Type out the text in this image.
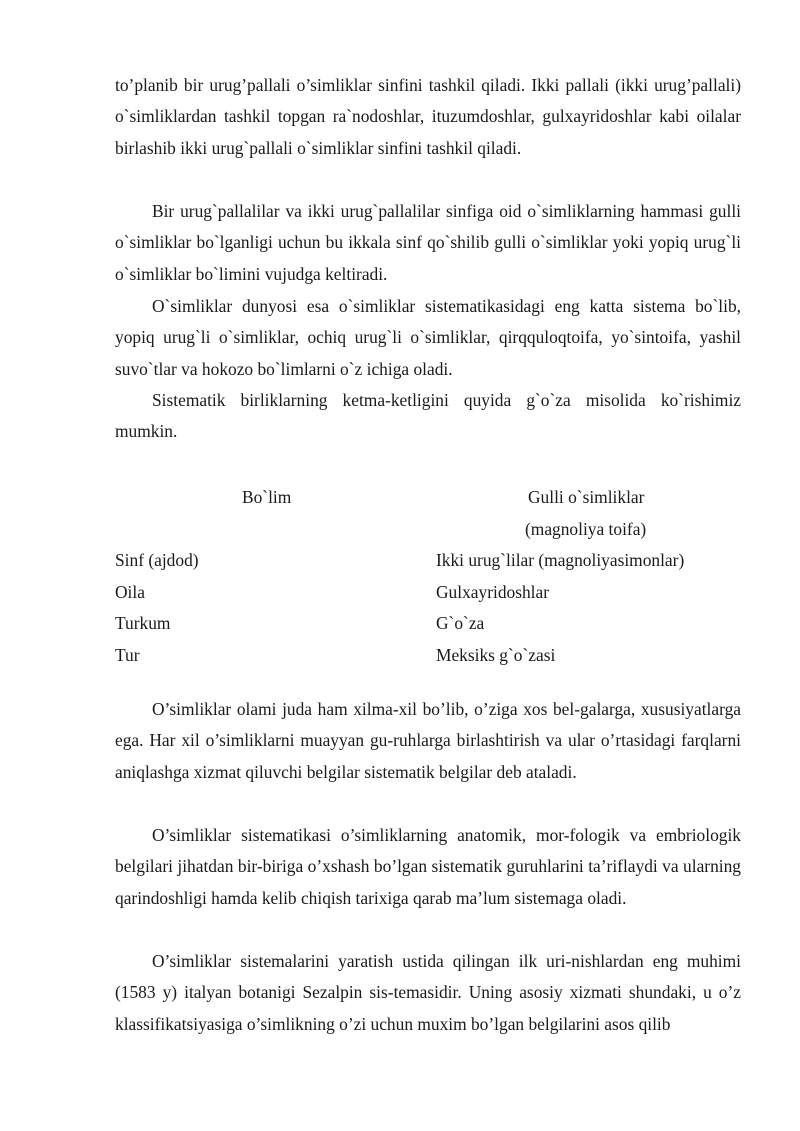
to’planib bir urug’pallali o’simliklar sinfini tashkil qiladi. Ikki pallali (ikki urug’pallali) o`simliklardan tashkil topgan ra`nodoshlar, ituzumdoshlar, gulxayridoshlar kabi oilalar birlashib ikki urug`pallali o`simliklar sinfini tashkil qiladi.

Bir urug`pallalilar va ikki urug`pallalilar sinfiga oid o`simliklarning hammasi gulli o`simliklar bo`lganligi uchun bu ikkala sinf qo`shilib gulli o`simliklar yoki yopiq urug`li o`simliklar bo`limini vujudga keltiradi.

O`simliklar dunyosi esa o`simliklar sistematikasidagi eng katta sistema bo`lib, yopiq urug`li o`simliklar, ochiq urug`li o`simliklar, qirqquloqtoifa, yo`sintoifa, yashil suvo`tlar va hokozo bo`limlarni o`z ichiga oladi.

Sistematik birliklarning ketma-ketligini quyida g`o`za misolida ko`rishimiz mumkin.

Bo`lim	Gulli o`simliklar

(magnoliya toifa)

Sinf (ajdod)	Ikki urug`lilar (magnoliyasimonlar)

Oila	Gulxayridoshlar

Turkum	G`o`za

Tur	Meksiks g`o`zasi

O’simliklar olami juda ham xilma-xil bo’lib, o’ziga xos bel-galarga, xususiyatlarga ega. Har xil o’simliklarni muayyan gu-ruhlarga birlashtirish va ular o’rtasidagi farqlarni aniqlashga xizmat qiluvchi belgilar sistematik belgilar deb ataladi.

O’simliklar sistematikasi o’simliklarning anatomik, mor-fologik va embriologik belgilari jihatdan bir-biriga o’xshash bo’lgan sistematik guruhlarini ta’riflaydi va ularning qarindoshligi hamda kelib chiqish tarixiga qarab ma’lum sistemaga oladi.

O’simliklar sistemalarini yaratish ustida qilingan ilk uri-nishlardan eng muhimi (1583 y) italyan botanigi Sezalpin sis-temasidir. Uning asosiy xizmati shundaki, u o’z klassifikatsiyasiga o’simlikning o’zi uchun muxim bo’lgan belgilarini asos qilib
